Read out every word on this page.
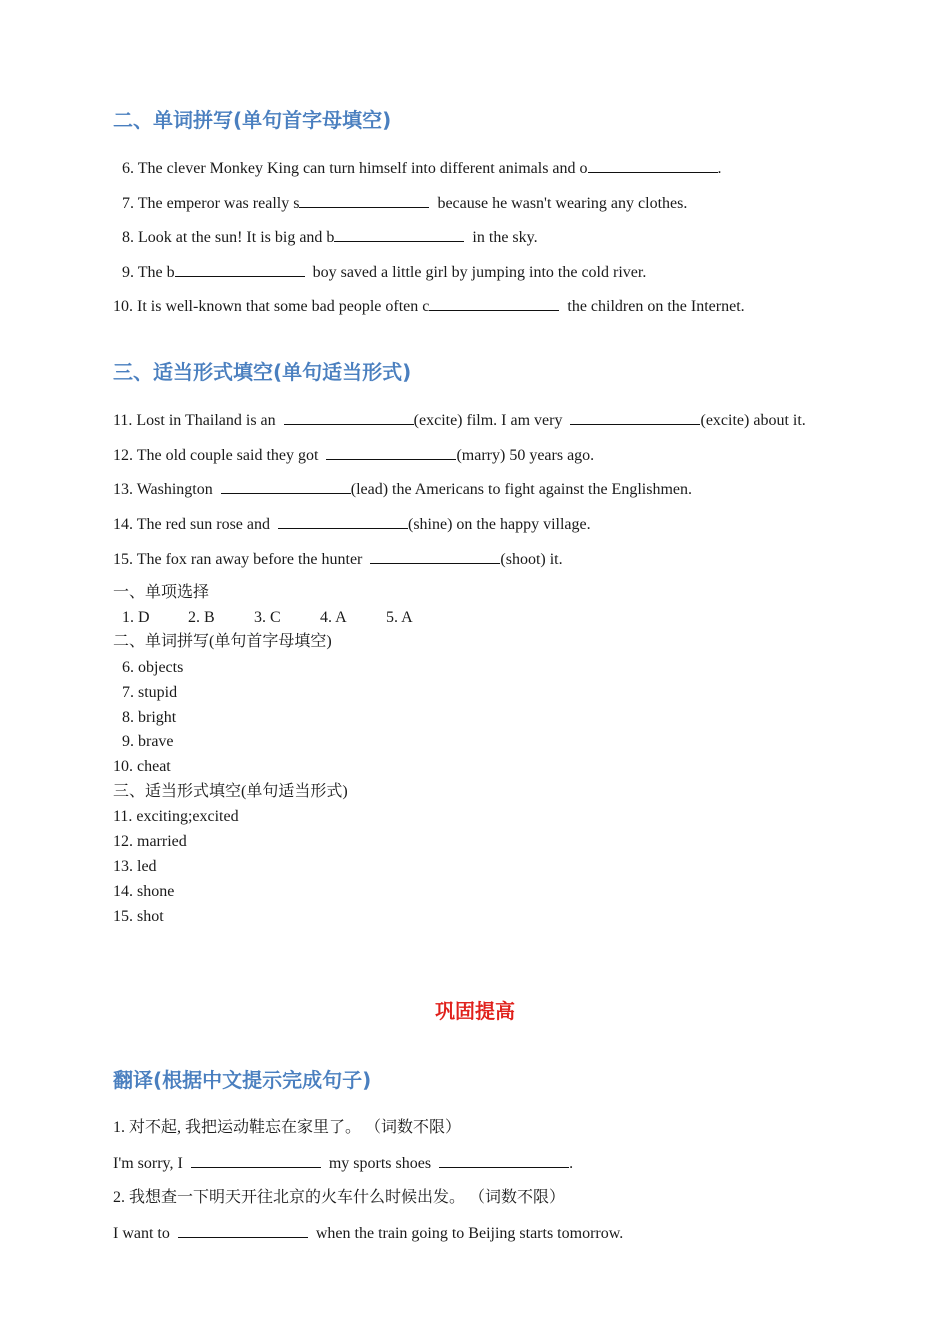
二、单词拼写(单句首字母填空)
6. The clever Monkey King can turn himself into different animals and o	.
7. The emperor was really s	because he wasn't wearing any clothes.
8. Look at the sun! It is big and b	in the sky.
9. The b	boy saved a little girl by jumping into the cold river.
10. It is well-known that some bad people often c	the children on the Internet.
三、适当形式填空(单句适当形式)
11. Lost in Thailand is an	(excite) film. I am very	(excite) about it.
12. The old couple said they got	(marry) 50 years ago.
13. Washington	(lead) the Americans to fight against the Englishmen.
14. The red sun rose and	(shine) on the happy village.
15. The fox ran away before the hunter	(shoot) it.
一、单项选择
1. D 2. B 3. C 4. A 5. A
二、单词拼写(单句首字母填空)
6. objects
7. stupid
8. bright
9. brave
10. cheat
三、适当形式填空(单句适当形式)
11. exciting;excited
12. married
13. led
14. shone
15. shot
巩固提高
翻译(根据中文提示完成句子)
1. 对不起, 我把运动鞋忘在家里了。 （词数不限）
I'm sorry, I	my sports shoes	.
2. 我想查一下明天开往北京的火车什么时候出发。 （词数不限）
I want to	when the train going to Beijing starts tomorrow.
